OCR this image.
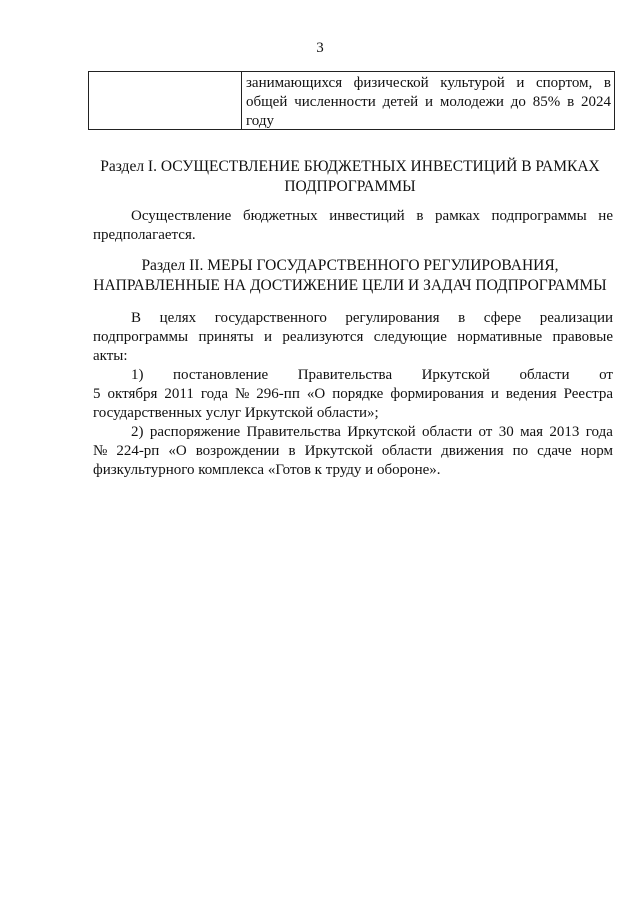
3
занимающихся физической культурой и спортом, в
общей численности детей и молодежи до 85% в 2024
году
Раздел I. ОСУЩЕСТВЛЕНИЕ БЮДЖЕТНЫХ ИНВЕСТИЦИЙ В РАМКАХ
ПОДПРОГРАММЫ
Осуществление бюджетных инвестиций в рамках подпрограммы не
предполагается.
Раздел II. МЕРЫ ГОСУДАРСТВЕННОГО РЕГУЛИРОВАНИЯ,
НАПРАВЛЕННЫЕ НА ДОСТИЖЕНИЕ ЦЕЛИ И ЗАДАЧ ПОДПРОГРАММЫ
В целях государственного регулирования в сфере реализации
подпрограммы приняты и реализуются следующие нормативные правовые
акты:
1) постановление Правительства Иркутской области от
5 октября 2011 года № 296-пп «О порядке формирования и ведения Реестра
государственных услуг Иркутской области»;
2) распоряжение Правительства Иркутской области от 30 мая 2013 года
№ 224-рп «О возрождении в Иркутской области движения по сдаче норм
физкультурного комплекса «Готов к труду и обороне».
